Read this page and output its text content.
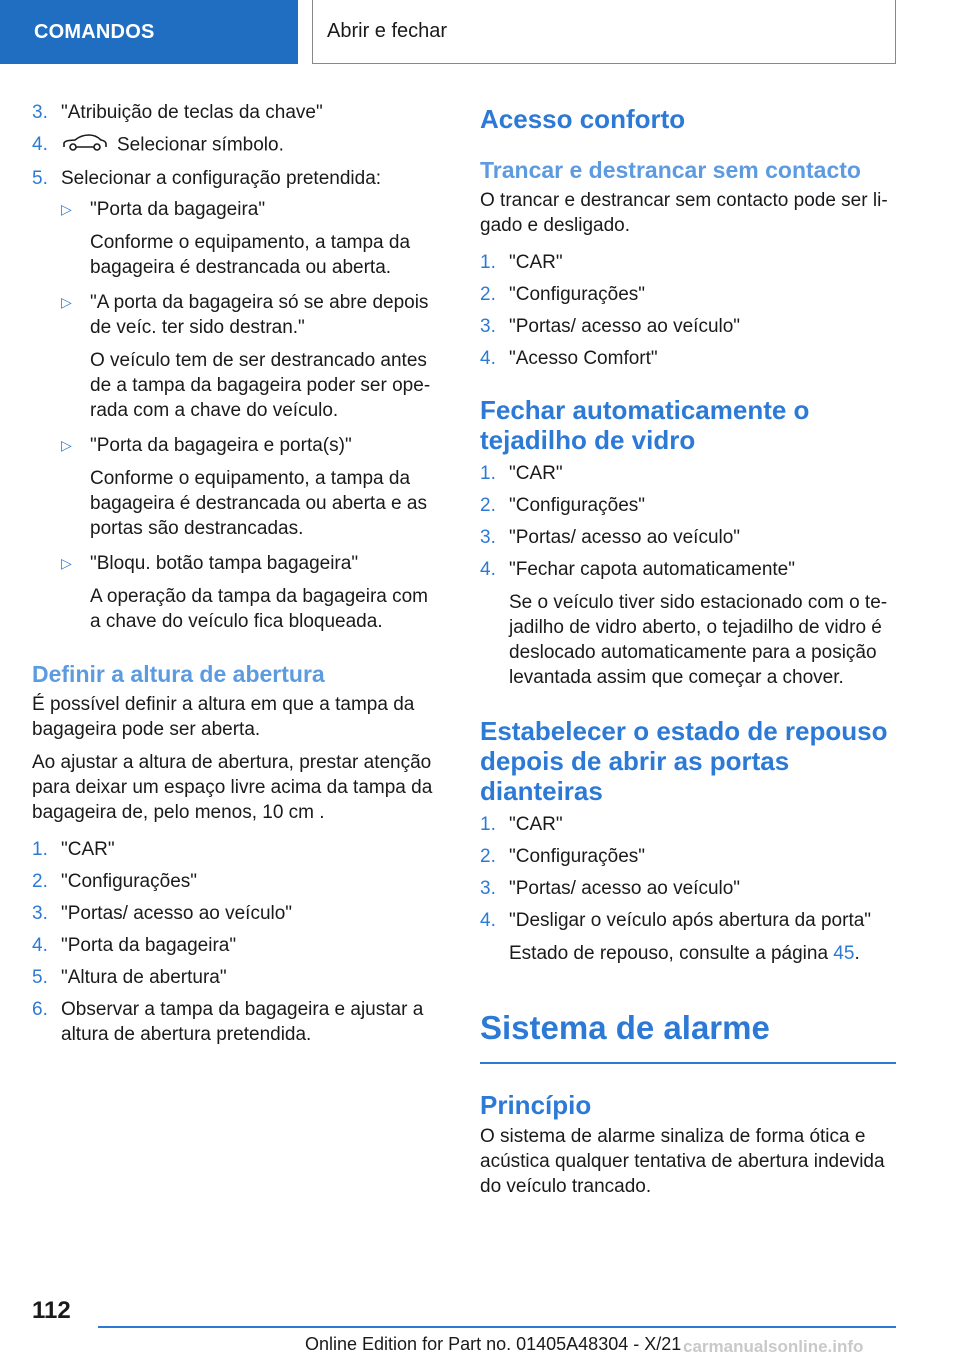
COMANDOS	Abrir e fechar
3. "Atribuição de teclas da chave"
4.	Selecionar símbolo.
5. Selecionar a configuração pretendida:
▷ "Porta da bagageira"
Conforme o equipamento, a tampa da bagageira é destrancada ou aberta.
▷ "A porta da bagageira só se abre depois de veíc. ter sido destran."
O veículo tem de ser destrancado antes de a tampa da bagageira poder ser operada com a chave do veículo.
▷ "Porta da bagageira e porta(s)"
Conforme o equipamento, a tampa da bagageira é destrancada ou aberta e as portas são destrancadas.
▷ "Bloqu. botão tampa bagageira"
A operação da tampa da bagageira com a chave do veículo fica bloqueada.
Definir a altura de abertura
É possível definir a altura em que a tampa da bagageira pode ser aberta.
Ao ajustar a altura de abertura, prestar atenção para deixar um espaço livre acima da tampa da bagageira de, pelo menos, 10 cm .
1. "CAR"
2. "Configurações"
3. "Portas/ acesso ao veículo"
4. "Porta da bagageira"
5. "Altura de abertura"
6. Observar a tampa da bagageira e ajustar a altura de abertura pretendida.
Acesso conforto
Trancar e destrancar sem contacto
O trancar e destrancar sem contacto pode ser ligado e desligado.
1. "CAR"
2. "Configurações"
3. "Portas/ acesso ao veículo"
4. "Acesso Comfort"
Fechar automaticamente o tejadilho de vidro
1. "CAR"
2. "Configurações"
3. "Portas/ acesso ao veículo"
4. "Fechar capota automaticamente"
Se o veículo tiver sido estacionado com o tejadilho de vidro aberto, o tejadilho de vidro é deslocado automaticamente para a posição levantada assim que começar a chover.
Estabelecer o estado de repouso depois de abrir as portas dianteiras
1. "CAR"
2. "Configurações"
3. "Portas/ acesso ao veículo"
4. "Desligar o veículo após abertura da porta"
Estado de repouso, consulte a página 45.
Sistema de alarme
Princípio
O sistema de alarme sinaliza de forma ótica e acústica qualquer tentativa de abertura indevida do veículo trancado.
112
Online Edition for Part no. 01405A48304 - X/21 carmanualsonline.info
